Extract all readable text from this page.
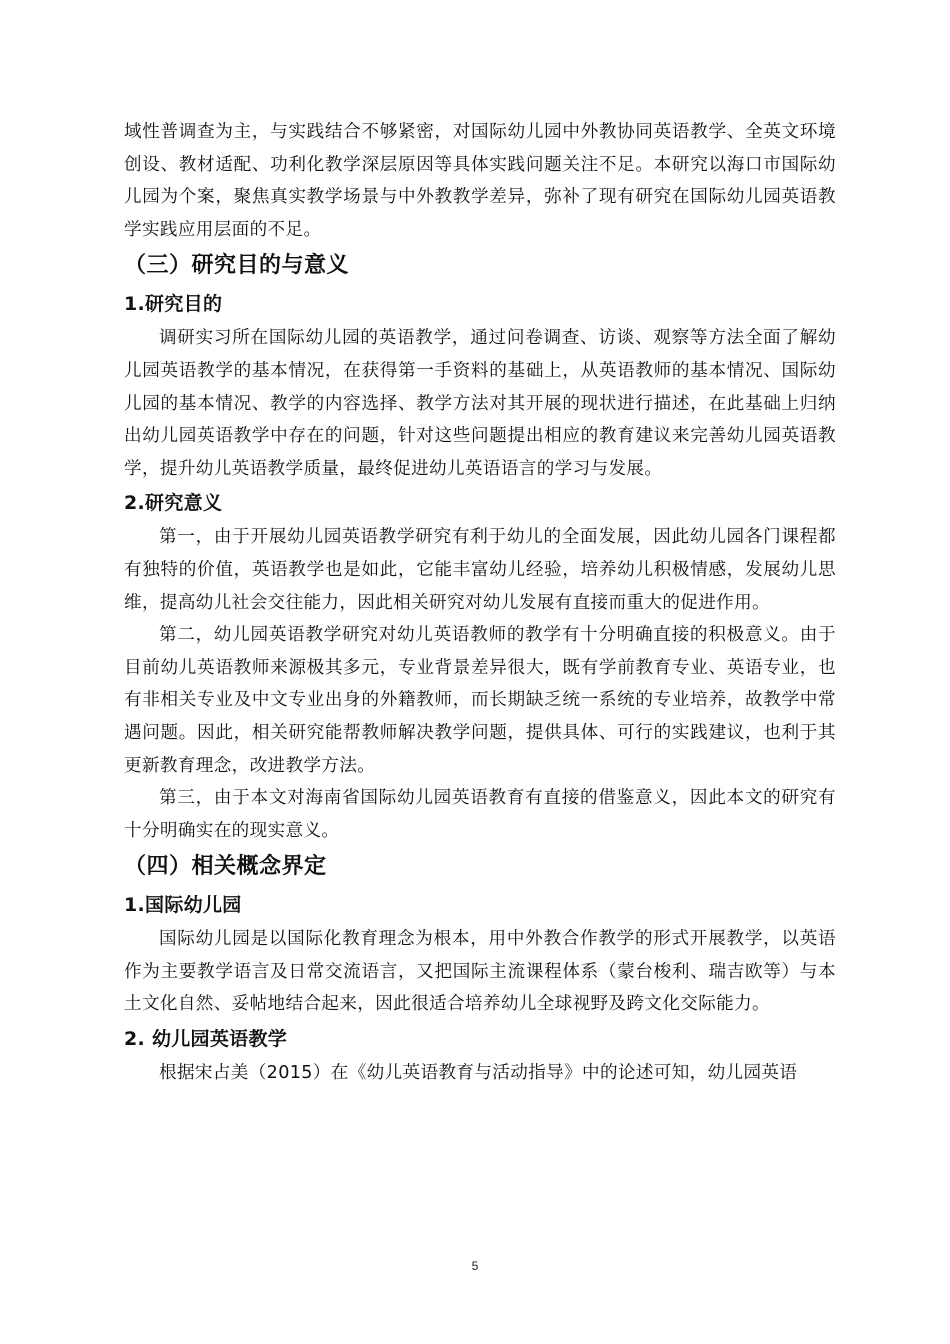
域性普调查为主，与实践结合不够紧密，对国际幼儿园中外教协同英语教学、全英文环境创设、教材适配、功利化教学深层原因等具体实践问题关注不足。本研究以海口市国际幼儿园为个案，聚焦真实教学场景与中外教教学差异，弥补了现有研究在国际幼儿园英语教学实践应用层面的不足。

（三）研究目的与意义
1.研究目的

调研实习所在国际幼儿园的英语教学，通过问卷调查、访谈、观察等方法全面了解幼儿园英语教学的基本情况，在获得第一手资料的基础上，从英语教师的基本情况、国际幼儿园的基本情况、教学的内容选择、教学方法对其开展的现状进行描述，在此基础上归纳出幼儿园英语教学中存在的问题，针对这些问题提出相应的教育建议来完善幼儿园英语教学，提升幼儿英语教学质量，最终促进幼儿英语语言的学习与发展。

2.研究意义

第一，由于开展幼儿园英语教学研究有利于幼儿的全面发展，因此幼儿园各门课程都有独特的价值，英语教学也是如此，它能丰富幼儿经验，培养幼儿积极情感，发展幼儿思维，提高幼儿社会交往能力，因此相关研究对幼儿发展有直接而重大的促进作用。

第二，幼儿园英语教学研究对幼儿英语教师的教学有十分明确直接的积极意义。由于目前幼儿英语教师来源极其多元，专业背景差异很大，既有学前教育专业、英语专业，也有非相关专业及中文专业出身的外籍教师，而长期缺乏统一系统的专业培养，故教学中常遇问题。因此，相关研究能帮教师解决教学问题，提供具体、可行的实践建议，也利于其更新教育理念，改进教学方法。

第三，由于本文对海南省国际幼儿园英语教育有直接的借鉴意义，因此本文的研究有十分明确实在的现实意义。

（四）相关概念界定
1.国际幼儿园

国际幼儿园是以国际化教育理念为根本，用中外教合作教学的形式开展教学，以英语作为主要教学语言及日常交流语言，又把国际主流课程体系（蒙台梭利、瑞吉欧等）与本土文化自然、妥帖地结合起来，因此很适合培养幼儿全球视野及跨文化交际能力。

2. 幼儿园英语教学

根据宋占美（2015）在《幼儿英语教育与活动指导》中的论述可知，幼儿园英语

5
